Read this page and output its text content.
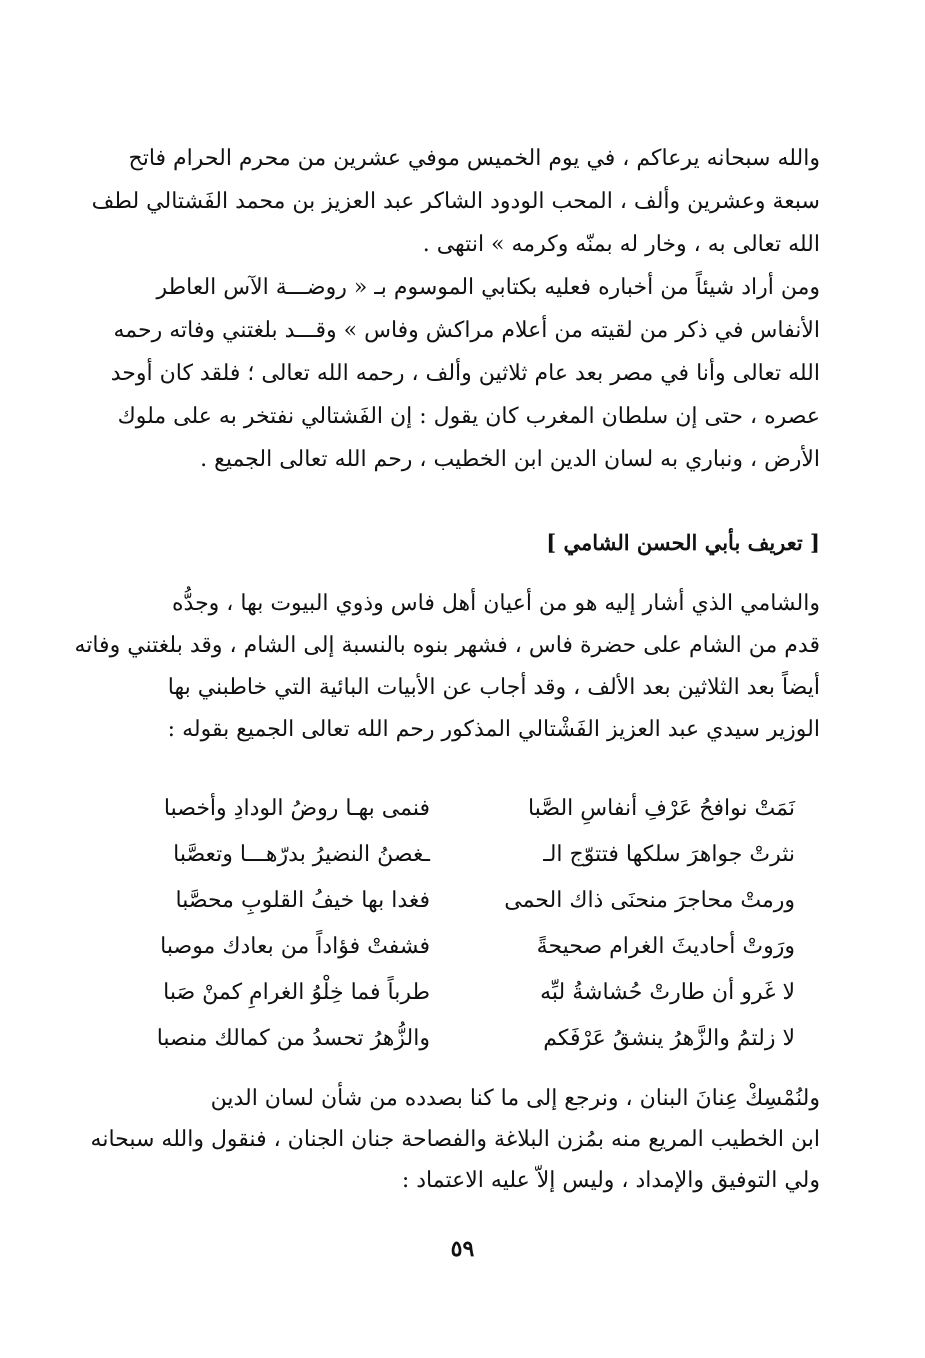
والله سبحانه يرعاكم ، في يوم الخميس موفي عشرين من محرم الحرام فاتح
سبعة وعشرين وألف ، المحب الودود الشاكر عبد العزيز بن محمد الفَشتالي لطف
الله تعالى به ، وخار له بمنّه وكرمه » انتهى .

ومن أراد شيئاً من أخباره فعليه بكتابي الموسوم بـ « روضـــة الآس العاطر
الأنفاس في ذكر من لقيته من أعلام مراكش وفاس » وقـــد بلغتني وفاته رحمه
الله تعالى وأنا في مصر بعد عام ثلاثين وألف ، رحمه الله تعالى ؛ فلقد كان أوحد
عصره ، حتى إن سلطان المغرب كان يقول : إن الفَشتالي نفتخر به على ملوك
الأرض ، ونباري به لسان الدين ابن الخطيب ، رحم الله تعالى الجميع .

[ تعريف بأبي الحسن الشامي ]

والشامي الذي أشار إليه هو من أعيان أهل فاس وذوي البيوت بها ، وجدُّه
قدم من الشام على حضرة فاس ، فشهر بنوه بالنسبة إلى الشام ، وقد بلغتني وفاته
أيضاً بعد الثلاثين بعد الألف ، وقد أجاب عن الأبيات البائية التي خاطبني بها
الوزير سيدي عبد العزيز الفَشْتالي المذكور رحم الله تعالى الجميع بقوله :

نَمَتْ نوافحُ عَرْفِ أنفاسِ الصَّبا
فنمى بهـا روضُ الودادِ وأخصبا
نثرتْ جواهرَ سلكها فتتوّج الـ
ـغصنُ النضيرُ بدرّهـــا وتعصَّبا
ورمتْ محاجرَ منحنَى ذاك الحمى
فغدا بها خيفُ القلوبِ محصَّبا
ورَوتْ أحاديثَ الغرام صحيحةً
فشفتْ فؤاداً من بعادك موصبا
لا غَرو أن طارتْ حُشاشةُ لبِّه
طرباً فما خِلْوُ الغرامِ كمنْ صَبا
لا زلتمُ والزَّهرُ ينشقُ عَرْفَكم
والزُّهرُ تحسدُ من كمالك منصبا

ولنُمْسِكْ عِنانَ البنان ، ونرجع إلى ما كنا بصدده من شأن لسان الدين
ابن الخطيب المريع منه بمُزن البلاغة والفصاحة جنان الجنان ، فنقول والله سبحانه
ولي التوفيق والإمداد ، وليس إلاّ عليه الاعتماد :

٥٩
